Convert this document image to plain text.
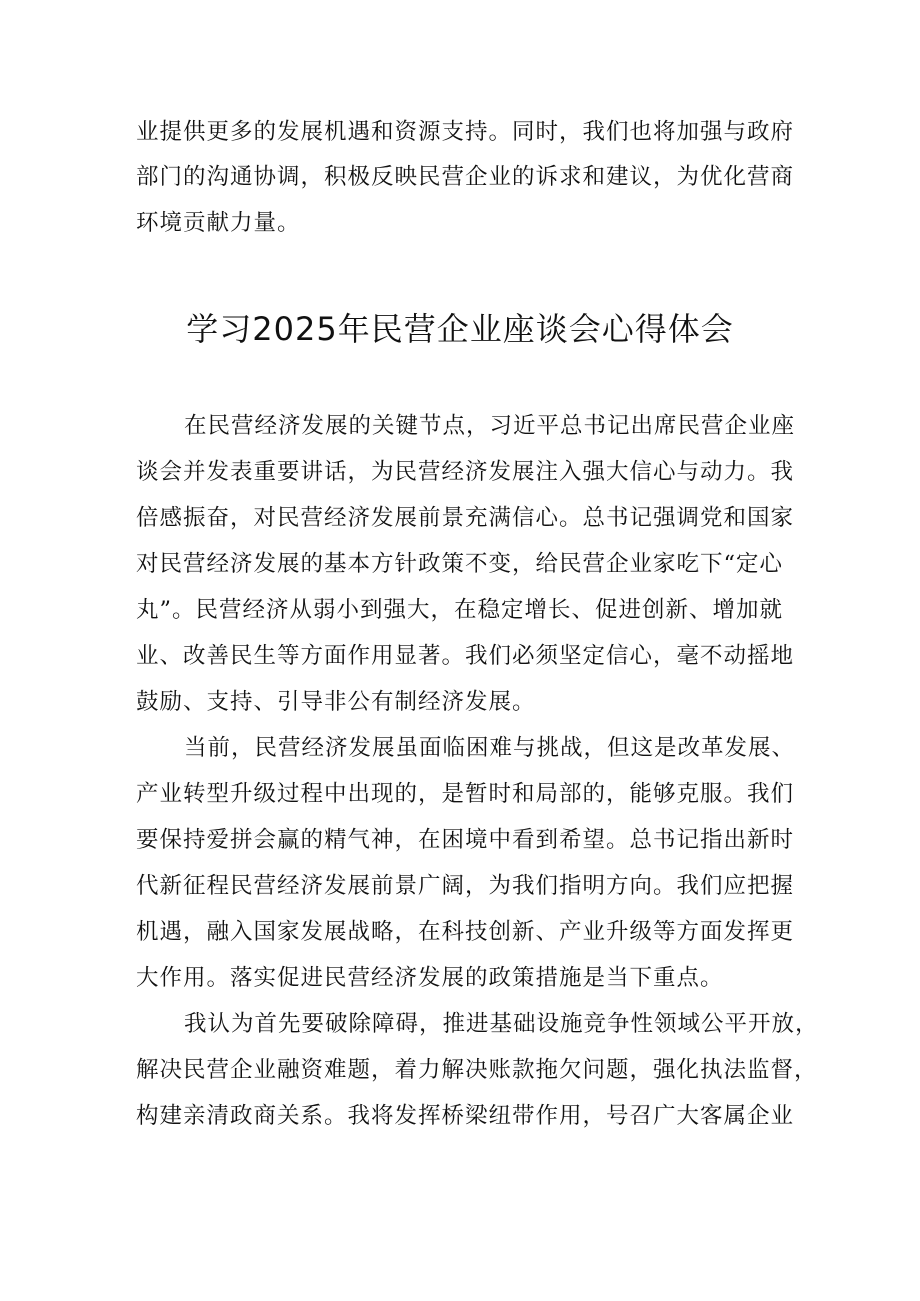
业提供更多的发展机遇和资源支持。同时，我们也将加强与政府
部门的沟通协调，积极反映民营企业的诉求和建议，为优化营商
环境贡献力量。
学习2025年民营企业座谈会心得体会
在民营经济发展的关键节点，习近平总书记出席民营企业座
谈会并发表重要讲话，为民营经济发展注入强大信心与动力。我
倍感振奋，对民营经济发展前景充满信心。总书记强调党和国家
对民营经济发展的基本方针政策不变，给民营企业家吃下“定心
丸”。民营经济从弱小到强大，在稳定增长、促进创新、增加就
业、改善民生等方面作用显著。我们必须坚定信心，毫不动摇地
鼓励、支持、引导非公有制经济发展。
当前，民营经济发展虽面临困难与挑战，但这是改革发展、
产业转型升级过程中出现的，是暂时和局部的，能够克服。我们
要保持爱拼会赢的精气神，在困境中看到希望。总书记指出新时
代新征程民营经济发展前景广阔，为我们指明方向。我们应把握
机遇，融入国家发展战略，在科技创新、产业升级等方面发挥更
大作用。落实促进民营经济发展的政策措施是当下重点。
我认为首先要破除障碍，推进基础设施竞争性领域公平开放，
解决民营企业融资难题，着力解决账款拖欠问题，强化执法监督，
构建亲清政商关系。我将发挥桥梁纽带作用，号召广大客属企业
